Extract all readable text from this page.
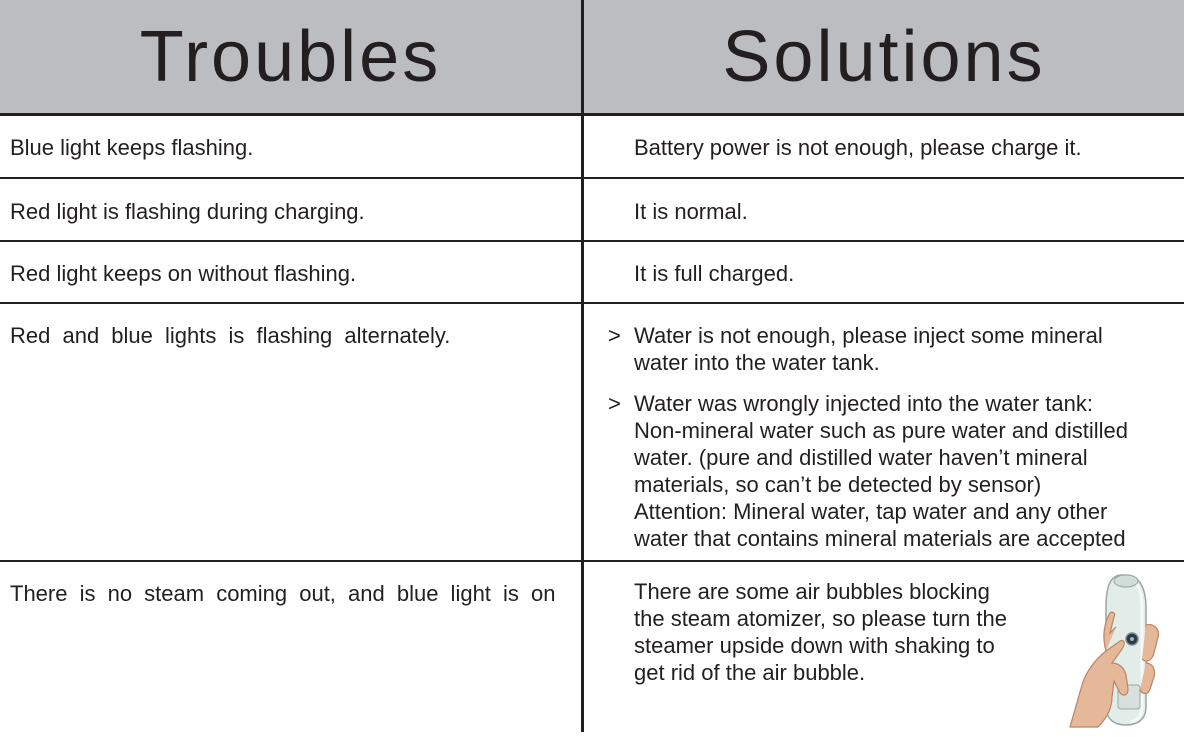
Troubles	Solutions
Blue light keeps flashing.	Battery power is not enough, please charge it.
Red light is flashing during charging.	It is normal.
Red light keeps on without flashing.	It is full charged.
Red and blue lights is flashing alternately.	> Water is not enough, please inject some mineral
water into the water tank.
> Water was wrongly injected into the water tank:
Non-mineral water such as pure water and distilled
water. (pure and distilled water haven’t mineral
materials, so can’t be detected by sensor)
Attention: Mineral water, tap water and any other
water that contains mineral materials are accepted
There is no steam coming out, and blue light is on	There are some air bubbles blocking
the steam atomizer, so please turn the
steamer upside down with shaking to
get rid of the air bubble.
